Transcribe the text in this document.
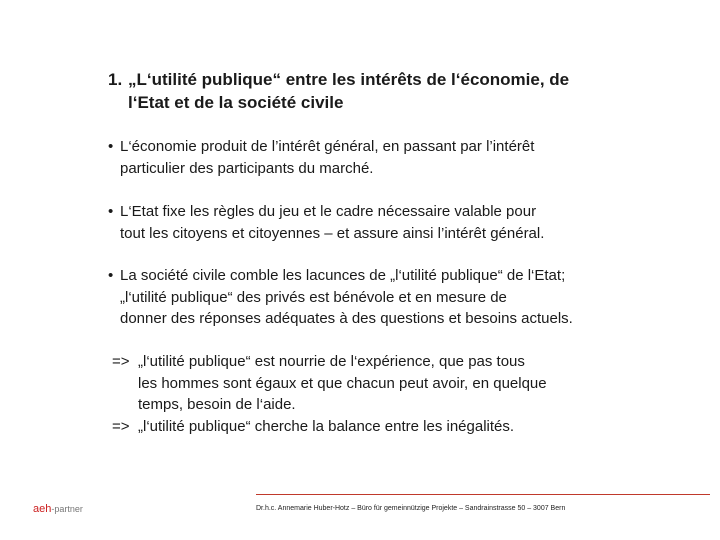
1. „L‘utilité publique“ entre les intérêts de l‘économie, de
l‘Etat et de la société civile
• L‘économie produit de l’intérêt général, en passant par l’intérêt
particulier des participants du marché.
• L‘Etat fixe les règles du jeu et le cadre nécessaire valable pour
tout les citoyens et citoyennes – et assure ainsi l’intérêt général.
• La société civile comble les lacunces de „l‘utilité publique“ de l‘Etat;
„l‘utilité publique“ des privés est bénévole et en mesure de
donner des réponses adéquates à des questions et besoins actuels.
=> „l‘utilité publique“ est nourrie de l‘expérience, que pas tous
les hommes sont égaux et que chacun peut avoir, en quelque
temps, besoin de l‘aide.
=> „l‘utilité publique“ cherche la balance entre les inégalités.
aeh-partner	Dr.h.c. Annemarie Huber-Hotz – Büro für gemeinnützige Projekte – Sandrainstrasse 50 – 3007 Bern
